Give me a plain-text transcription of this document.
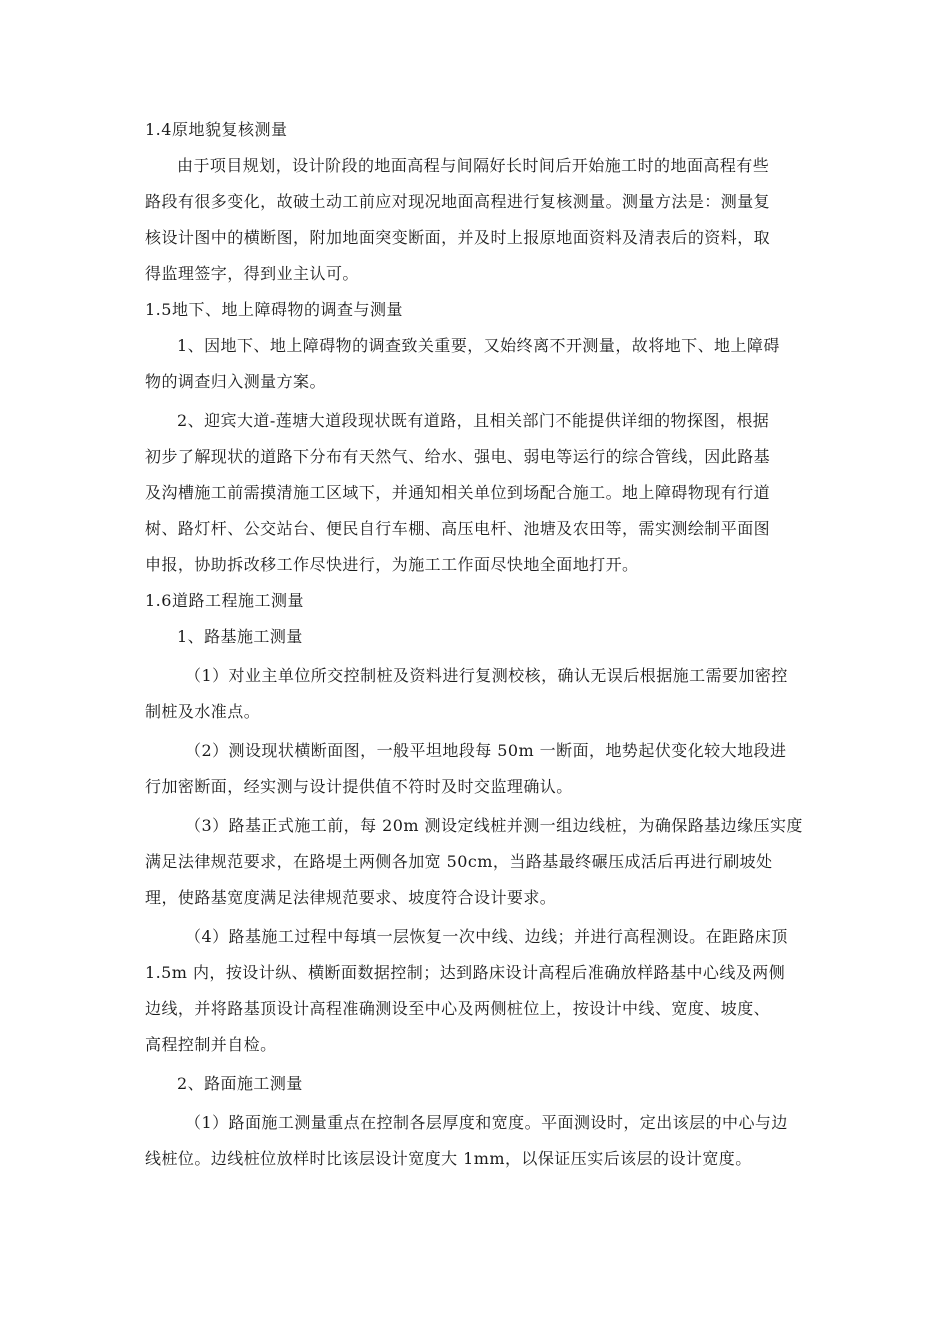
1.4原地貌复核测量
由于项目规划，设计阶段的地面高程与间隔好长时间后开始施工时的地面高程有些
路段有很多变化，故破土动工前应对现况地面高程进行复核测量。测量方法是：测量复
核设计图中的横断图，附加地面突变断面，并及时上报原地面资料及清表后的资料，取
得监理签字，得到业主认可。
1.5地下、地上障碍物的调查与测量
1、因地下、地上障碍物的调查致关重要，又始终离不开测量，故将地下、地上障碍
物的调查归入测量方案。
2、迎宾大道-莲塘大道段现状既有道路，且相关部门不能提供详细的物探图，根据
初步了解现状的道路下分布有天然气、给水、强电、弱电等运行的综合管线，因此路基
及沟槽施工前需摸清施工区域下，并通知相关单位到场配合施工。地上障碍物现有行道
树、路灯杆、公交站台、便民自行车棚、高压电杆、池塘及农田等，需实测绘制平面图
申报，协助拆改移工作尽快进行，为施工工作面尽快地全面地打开。
1.6道路工程施工测量
1、路基施工测量
（1）对业主单位所交控制桩及资料进行复测校核，确认无误后根据施工需要加密控
制桩及水准点。
（2）测设现状横断面图，一般平坦地段每 50m 一断面，地势起伏变化较大地段进
行加密断面，经实测与设计提供值不符时及时交监理确认。
（3）路基正式施工前，每 20m 测设定线桩并测一组边线桩，为确保路基边缘压实度
满足法律规范要求，在路堤土两侧各加宽 50cm，当路基最终碾压成活后再进行刷坡处
理，使路基宽度满足法律规范要求、坡度符合设计要求。
（4）路基施工过程中每填一层恢复一次中线、边线；并进行高程测设。在距路床顶
1.5m 内，按设计纵、横断面数据控制；达到路床设计高程后准确放样路基中心线及两侧
边线，并将路基顶设计高程准确测设至中心及两侧桩位上，按设计中线、宽度、坡度、
高程控制并自检。
2、路面施工测量
（1）路面施工测量重点在控制各层厚度和宽度。平面测设时，定出该层的中心与边
线桩位。边线桩位放样时比该层设计宽度大 1mm，以保证压实后该层的设计宽度。
